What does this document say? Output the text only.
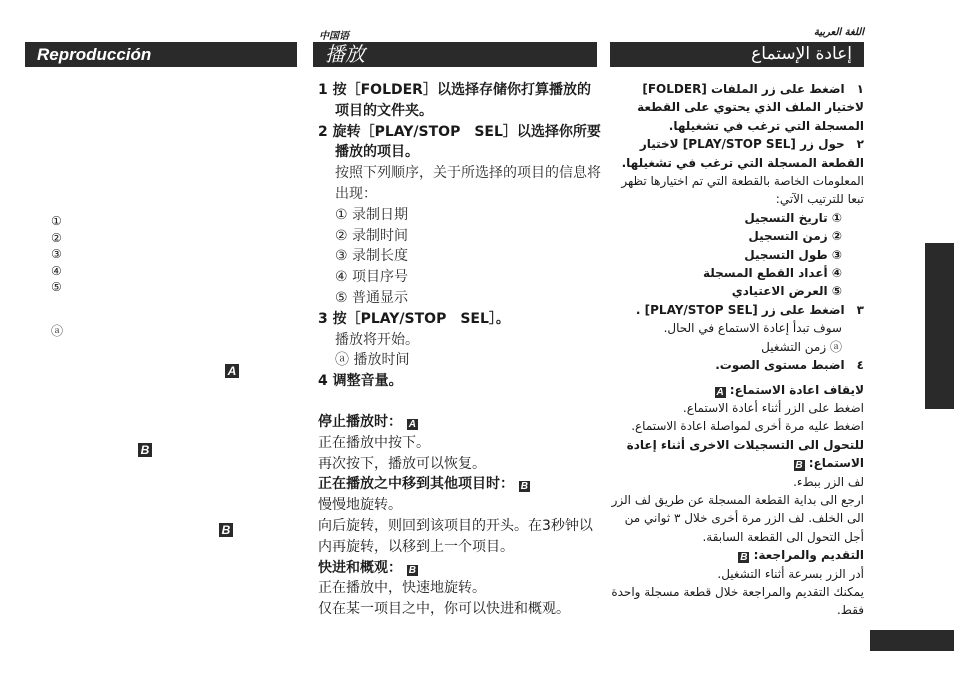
Reproducción
①
②
③
④
⑤
ⓐ
A
B
B
中国语
播放

1 按［FOLDER］以选择存储你打算播放的项目的文件夹。

2 旋转［PLAY/STOP　SEL］以选择你所要播放的项目。

按照下列顺序，关于所选择的项目的信息将出现：

① 录制日期

② 录制时间

③ 录制长度

④ 项目序号

⑤ 普通显示

3 按［PLAY/STOP　SEL］。

播放将开始。

ⓐ 播放时间

4 调整音量。

停止播放时： A

正在播放中按下。

再次按下，播放可以恢复。

正在播放之中移到其他项目时： B

慢慢地旋转。

向后旋转，则回到该项目的开头。在3秒钟以内再旋转，以移到上一个项目。

快进和概观： B

正在播放中，快速地旋转。

仅在某一项目之中，你可以快进和概观。

اللغة العربية
إعادة الإستماع

١　اضغط على زر الملفات [FOLDER] لاختيار الملف الذي يحتوي على القطعة المسجلة التي ترغب في تشغيلها.

٢　حول زر [PLAY/STOP SEL] لاختيار القطعة المسجلة التي ترغب في تشغيلها.

المعلومات الخاصة بالقطعة التي تم اختيارها تظهر تبعا للترتيب الآتي:

① تاريخ التسجيل

② زمن التسجيل

③ طول التسجيل

④ أعداد القطع المسجلة

⑤ العرض الاعتيادي

٣　اضغط على زر [PLAY/STOP SEL] .

سوف تبدأ إعادة الاستماع في الحال.

ⓐ زمن التشغيل

٤　اضبط مستوى الصوت.

لايقاف اعادة الاستماع: A

اضغط على الزر أثناء أعادة الاستماع.

اضغط عليه مرة أخرى لمواصلة اعادة الاستماع.

للتحول الى التسجيلات الاخرى أثناء إعادة الاستماع: B

لف الزر ببطء.

ارجع الى بداية القطعة المسجلة عن طريق لف الزر الى الخلف. لف الزر مرة أخرى خلال ٣ ثواني من أجل التحول الى القطعة السابقة.

التقديم والمراجعة: B

أدر الزر بسرعة أثناء التشغيل.

يمكنك التقديم والمراجعة خلال قطعة مسجلة واحدة فقط.
